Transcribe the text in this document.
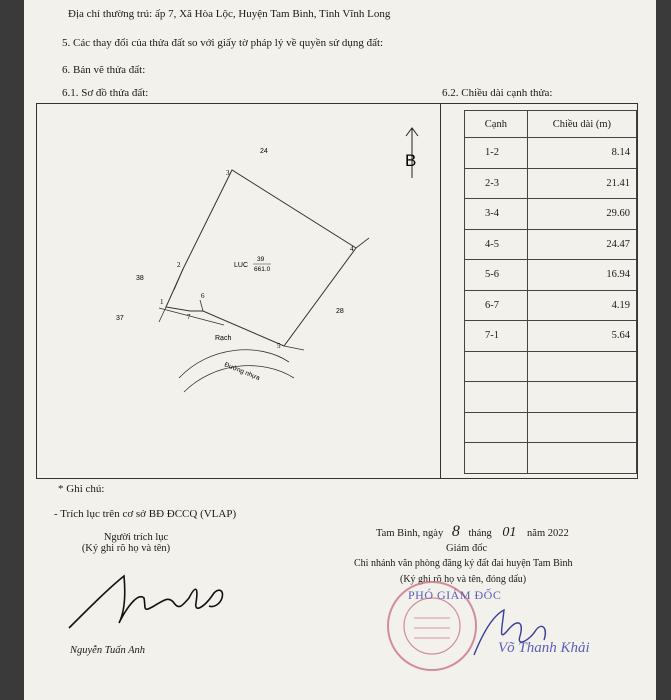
Địa chỉ thường trú: ấp 7, Xã Hòa Lộc, Huyện Tam Bình, Tỉnh Vĩnh Long
5. Các thay đổi của thửa đất so với giấy tờ pháp lý về quyền sử dụng đất:
6. Bản vẽ thửa đất:
6.1. Sơ đồ thửa đất:	6.2. Chiều dài cạnh thửa:
B
1
2
3
4
5
6
7
LUC
39
661.0
24
38
37
28
Rạch
Đường nhựa
Cạnh	Chiều dài (m)
1-2	8.14
2-3	21.41
3-4	29.60
4-5	24.47
5-6	16.94
6-7	4.19
7-1	5.64

* Ghi chú:
- Trích lục trên cơ sở BĐ ĐCCQ (VLAP)
Người trích lục
(Ký ghi rõ họ và tên)
Nguyễn Tuấn Anh
Tam Bình, ngày 8 tháng 01 năm 2022
Giám đốc
Chi nhánh văn phòng đăng ký đất đai huyện Tam Bình
(Ký ghi rõ họ và tên, đóng dấu)
PHÓ GIÁM ĐỐC
Võ Thanh Khải
